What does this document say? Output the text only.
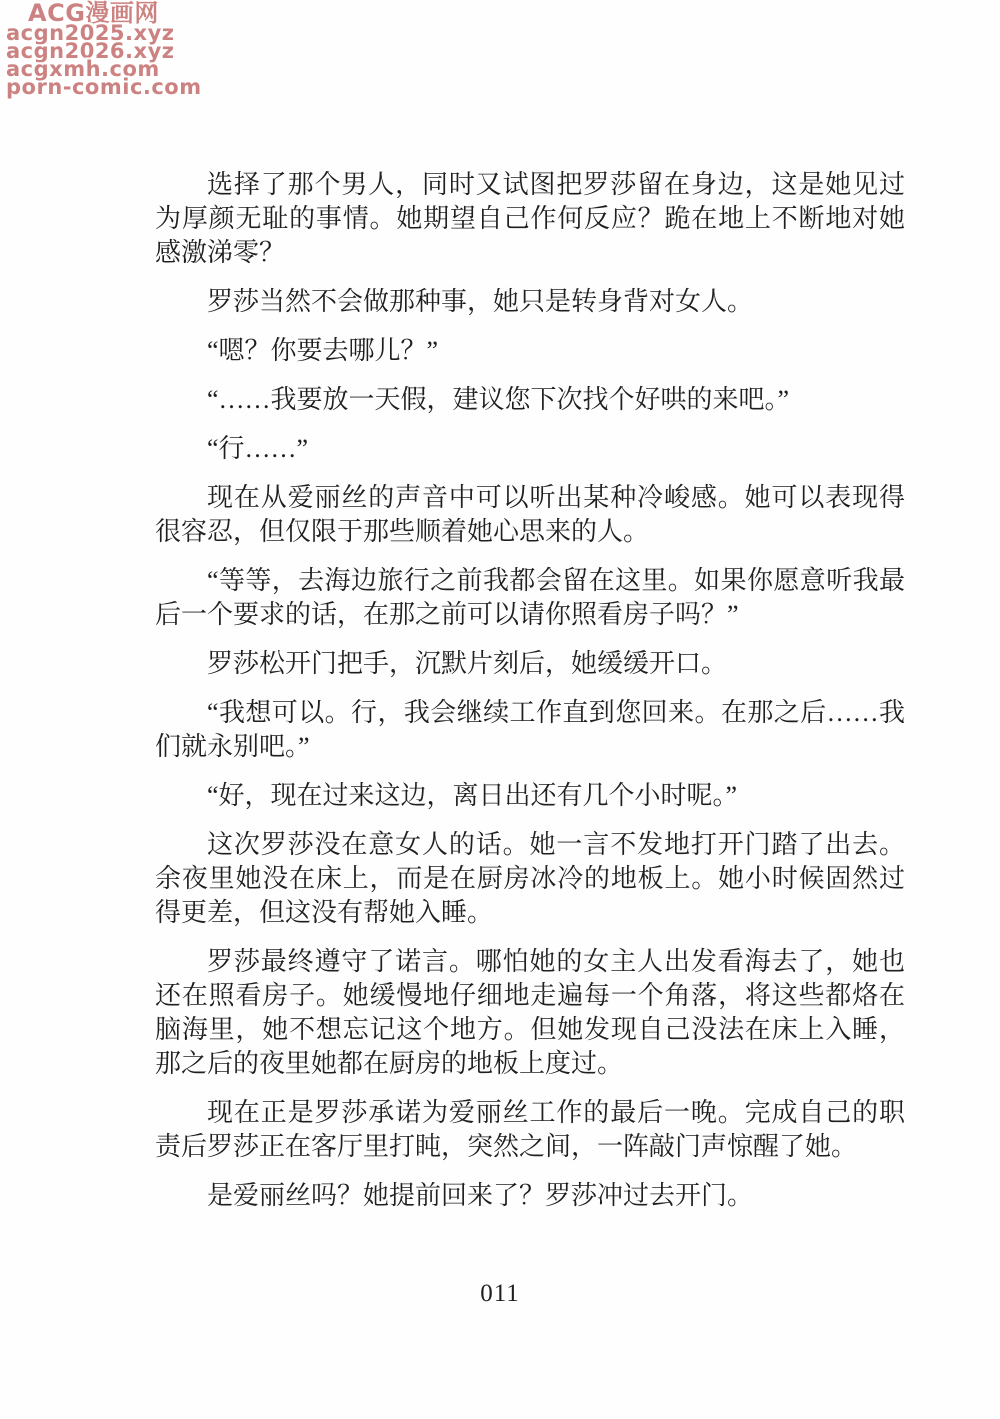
ACG漫画网
acgn2025.xyz
acgn2026.xyz
acgxmh.com
porn-comic.com

选择了那个男人，同时又试图把罗莎留在身边，这是她见过为厚颜无耻的事情。她期望自己作何反应？跪在地上不断地对她感激涕零？

罗莎当然不会做那种事，她只是转身背对女人。

“嗯？你要去哪儿？”

“……我要放一天假，建议您下次找个好哄的来吧。”

“行……”

现在从爱丽丝的声音中可以听出某种冷峻感。她可以表现得很容忍，但仅限于那些顺着她心思来的人。

“等等，去海边旅行之前我都会留在这里。如果你愿意听我最后一个要求的话，在那之前可以请你照看房子吗？”

罗莎松开门把手，沉默片刻后，她缓缓开口。

“我想可以。行，我会继续工作直到您回来。在那之后……我们就永别吧。”

“好，现在过来这边，离日出还有几个小时呢。”

这次罗莎没在意女人的话。她一言不发地打开门踏了出去。余夜里她没在床上，而是在厨房冰冷的地板上。她小时候固然过得更差，但这没有帮她入睡。

罗莎最终遵守了诺言。哪怕她的女主人出发看海去了，她也还在照看房子。她缓慢地仔细地走遍每一个角落，将这些都烙在脑海里，她不想忘记这个地方。但她发现自己没法在床上入睡，那之后的夜里她都在厨房的地板上度过。

现在正是罗莎承诺为爱丽丝工作的最后一晚。完成自己的职责后罗莎正在客厅里打盹，突然之间，一阵敲门声惊醒了她。

是爱丽丝吗？她提前回来了？罗莎冲过去开门。

011
